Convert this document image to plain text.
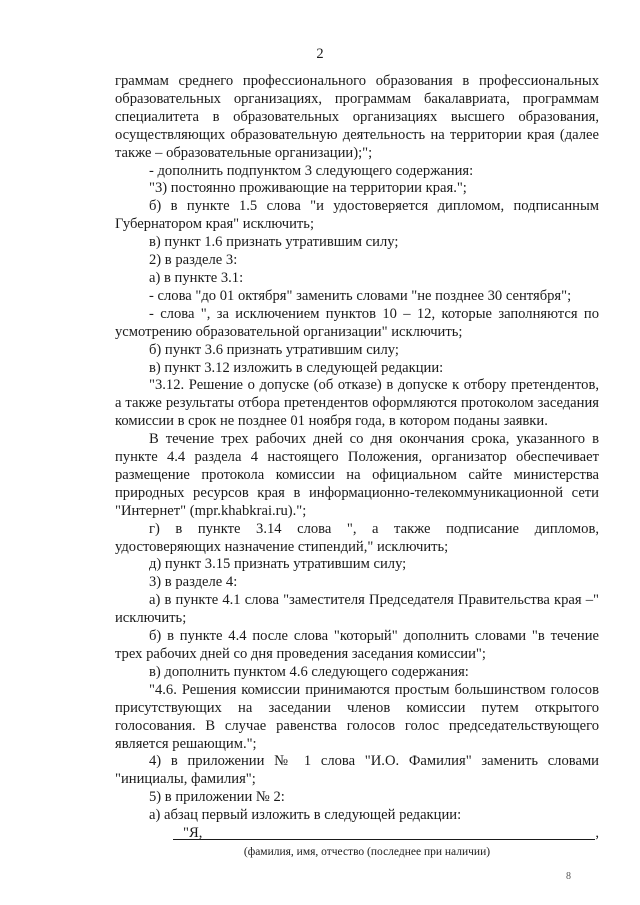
2

граммам среднего профессионального образования в профессиональных образовательных организациях, программам бакалавриата, программам специалитета в образовательных организациях высшего образования, осуществляющих образовательную деятельность на территории края (далее также – образовательные организации);";

- дополнить подпунктом 3 следующего содержания:

"3) постоянно проживающие на территории края.";

б) в пункте 1.5 слова "и удостоверяется дипломом, подписанным Губернатором края" исключить;

в) пункт 1.6 признать утратившим силу;

2) в разделе 3:

а) в пункте 3.1:

- слова "до 01 октября" заменить словами "не позднее 30 сентября";

- слова ", за исключением пунктов 10 – 12, которые заполняются по усмотрению образовательной организации" исключить;

б) пункт 3.6 признать утратившим силу;

в) пункт 3.12 изложить в следующей редакции:

"3.12. Решение о допуске (об отказе) в допуске к отбору претендентов, а также результаты отбора претендентов оформляются протоколом заседания комиссии в срок не позднее 01 ноября года, в котором поданы заявки.

В течение трех рабочих дней со дня окончания срока, указанного в пункте 4.4 раздела 4 настоящего Положения, организатор обеспечивает размещение протокола комиссии на официальном сайте министерства природных ресурсов края в информационно-телекоммуникационной сети "Интернет" (mpr.khabkrai.ru).";

г) в пункте 3.14 слова ", а также подписание дипломов, удостоверяющих назначение стипендий," исключить;

д) пункт 3.15 признать утратившим силу;

3) в разделе 4:

а) в пункте 4.1 слова "заместителя Председателя Правительства края –" исключить;

б) в пункте 4.4 после слова "который" дополнить словами "в течение трех рабочих дней со дня проведения заседания комиссии";

в) дополнить пунктом 4.6 следующего содержания:

"4.6. Решения комиссии принимаются простым большинством голосов присутствующих на заседании членов комиссии путем открытого голосования. В случае равенства голосов голос председательствующего является решающим.";

4) в приложении № 1 слова "И.О. Фамилия" заменить словами "инициалы, фамилия";

5) в приложении № 2:

а) абзац первый изложить в следующей редакции:

"Я,	,
(фамилия, имя, отчество (последнее при наличии)
8
